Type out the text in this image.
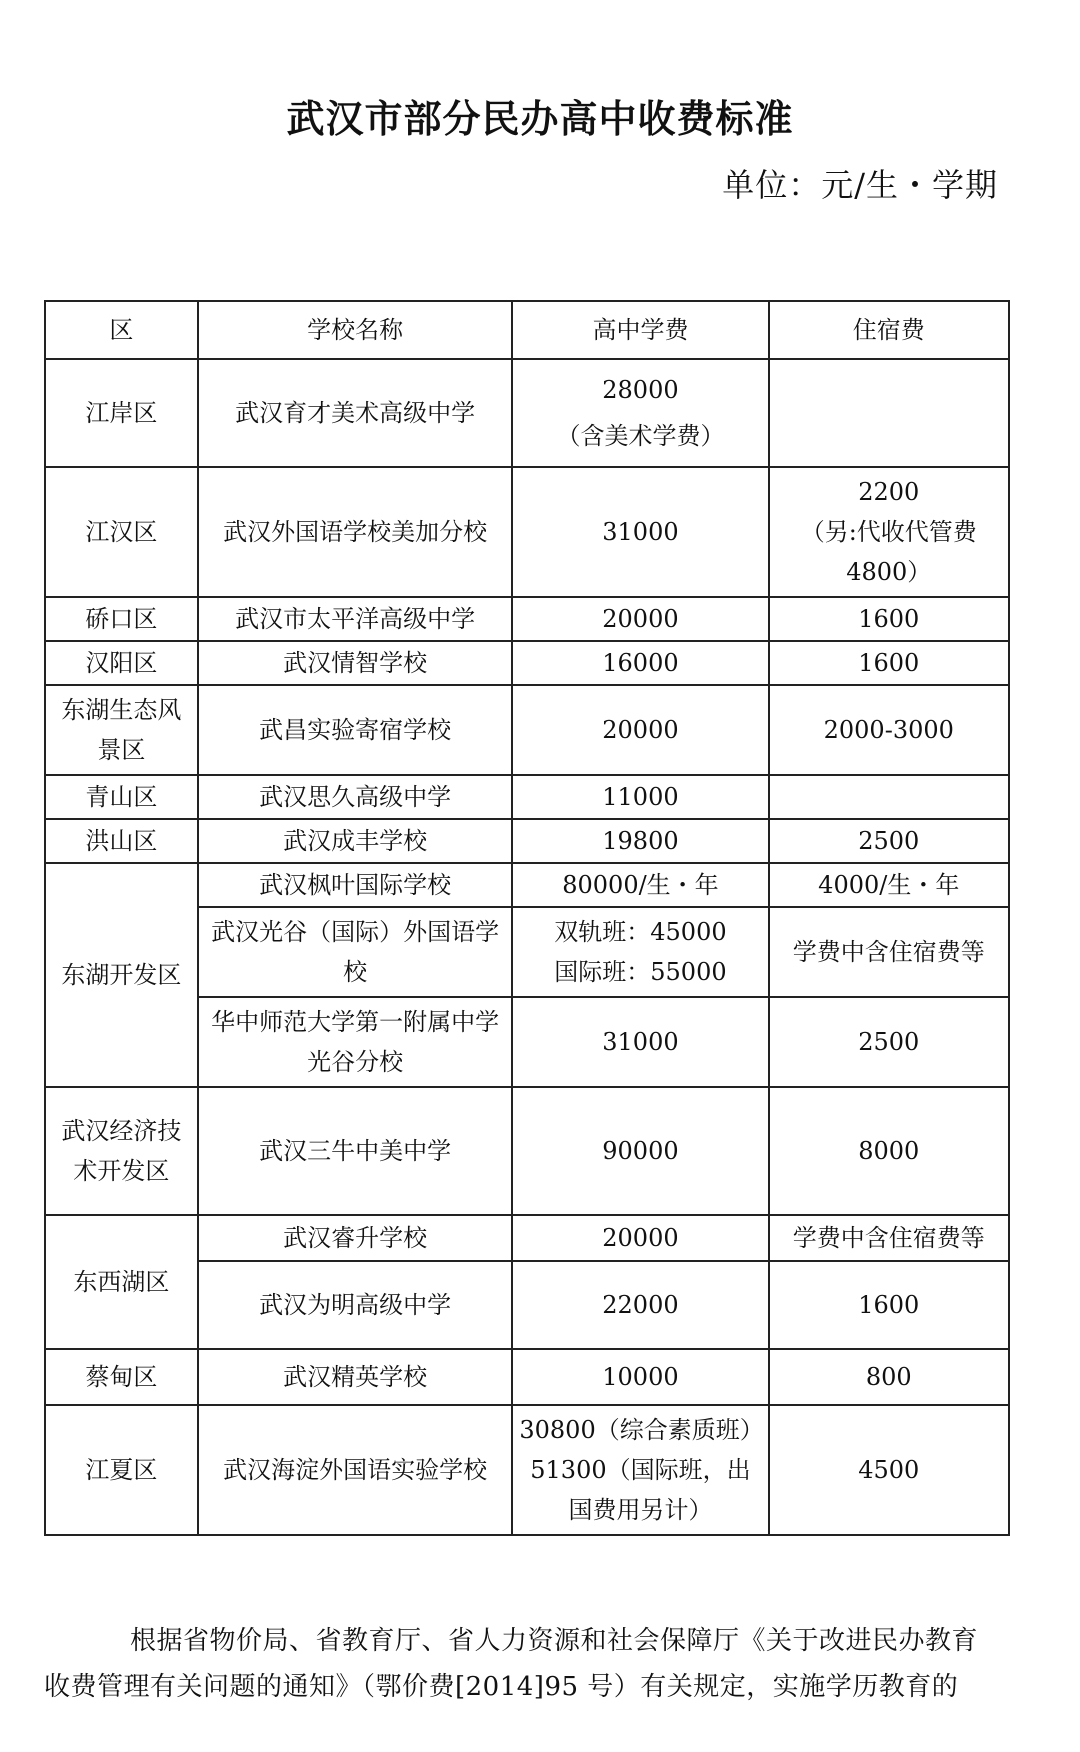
武汉市部分民办高中收费标准
单位：元/生・学期
区	学校名称	高中学费	住宿费
江岸区	武汉育才美术高级中学	28000
（含美术学费）	

江汉区	武汉外国语学校美加分校	31000	2200
（另:代收代管费
4800）

硚口区	武汉市太平洋高级中学	20000	1600
汉阳区	武汉情智学校	16000	1600
东湖生态风景区	武昌实验寄宿学校	20000	2000-3000
青山区	武汉思久高级中学	11000	
洪山区	武汉成丰学校	19800	2500
东湖开发区	武汉枫叶国际学校	80000/生・年	4000/生・年
	武汉光谷（国际）外国语学校	双轨班：45000
国际班：55000	学费中含住宿费等
	华中师范大学第一附属中学光谷分校	31000	2500
武汉经济技术开发区	武汉三牛中美中学	90000	8000
东西湖区	武汉睿升学校	20000	学费中含住宿费等
	武汉为明高级中学	22000	1600
蔡甸区	武汉精英学校	10000	800
江夏区	武汉海淀外国语实验学校	30800（综合素质班）
51300（国际班，出国费用另计）	4500
根据省物价局、省教育厅、省人力资源和社会保障厅《关于改进民办教育
收费管理有关问题的通知》（鄂价费[2014]95 号）有关规定，实施学历教育的
